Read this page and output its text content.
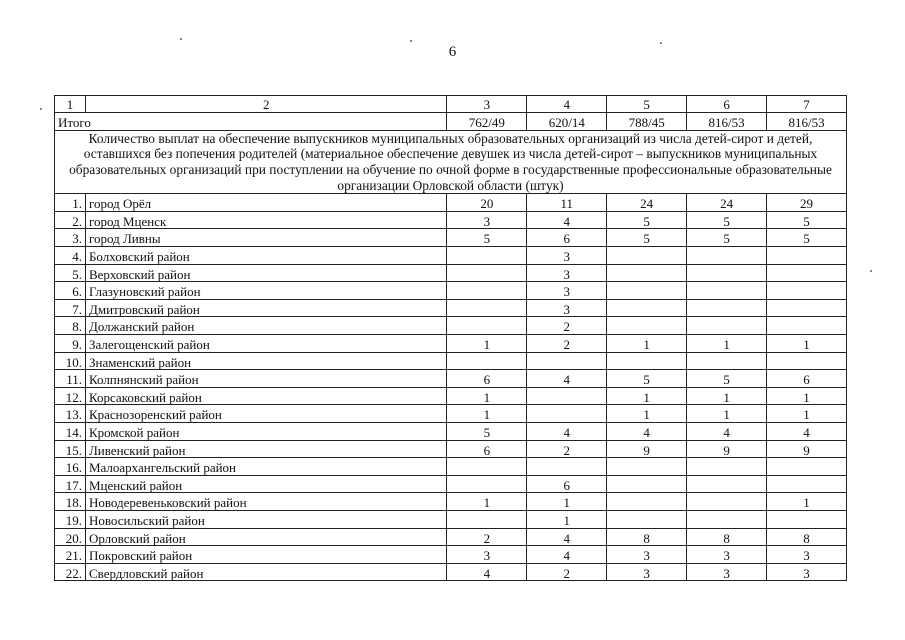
6
1	2	3	4	5	6	7
Итого		762/49	620/14	788/45	816/53	816/53
Количество выплат на обеспечение выпускников муниципальных образовательных организаций из числа детей-сирот и детей, оставшихся без попечения родителей (материальное обеспечение девушек из числа детей-сирот – выпускников муниципальных образовательных организаций при поступлении на обучение по очной форме в государственные профессиональные образовательные организации Орловской области (штук)						
1.	город Орёл	20	11	24	24	29
2.	город Мценск	3	4	5	5	5
3.	город Ливны	5	6	5	5	5
4.	Болховский район		3			
5.	Верховский район		3			
6.	Глазуновский район		3			
7.	Дмитровский район		3			
8.	Должанский район		2			
9.	Залегощенский район	1	2	1	1	1
10.	Знаменский район					
11.	Колпнянский район	6	4	5	5	6
12.	Корсаковский район	1		1	1	1
13.	Краснозоренский район	1		1	1	1
14.	Кромской район	5	4	4	4	4
15.	Ливенский район	6	2	9	9	9
16.	Малоархангельский район					
17.	Мценский район		6			
18.	Новодеревеньковский район	1	1			1
19.	Новосильский район		1			
20.	Орловский район	2	4	8	8	8
21.	Покровский район	3	4	3	3	3
22.	Свердловский район	4	2	3	3	3
